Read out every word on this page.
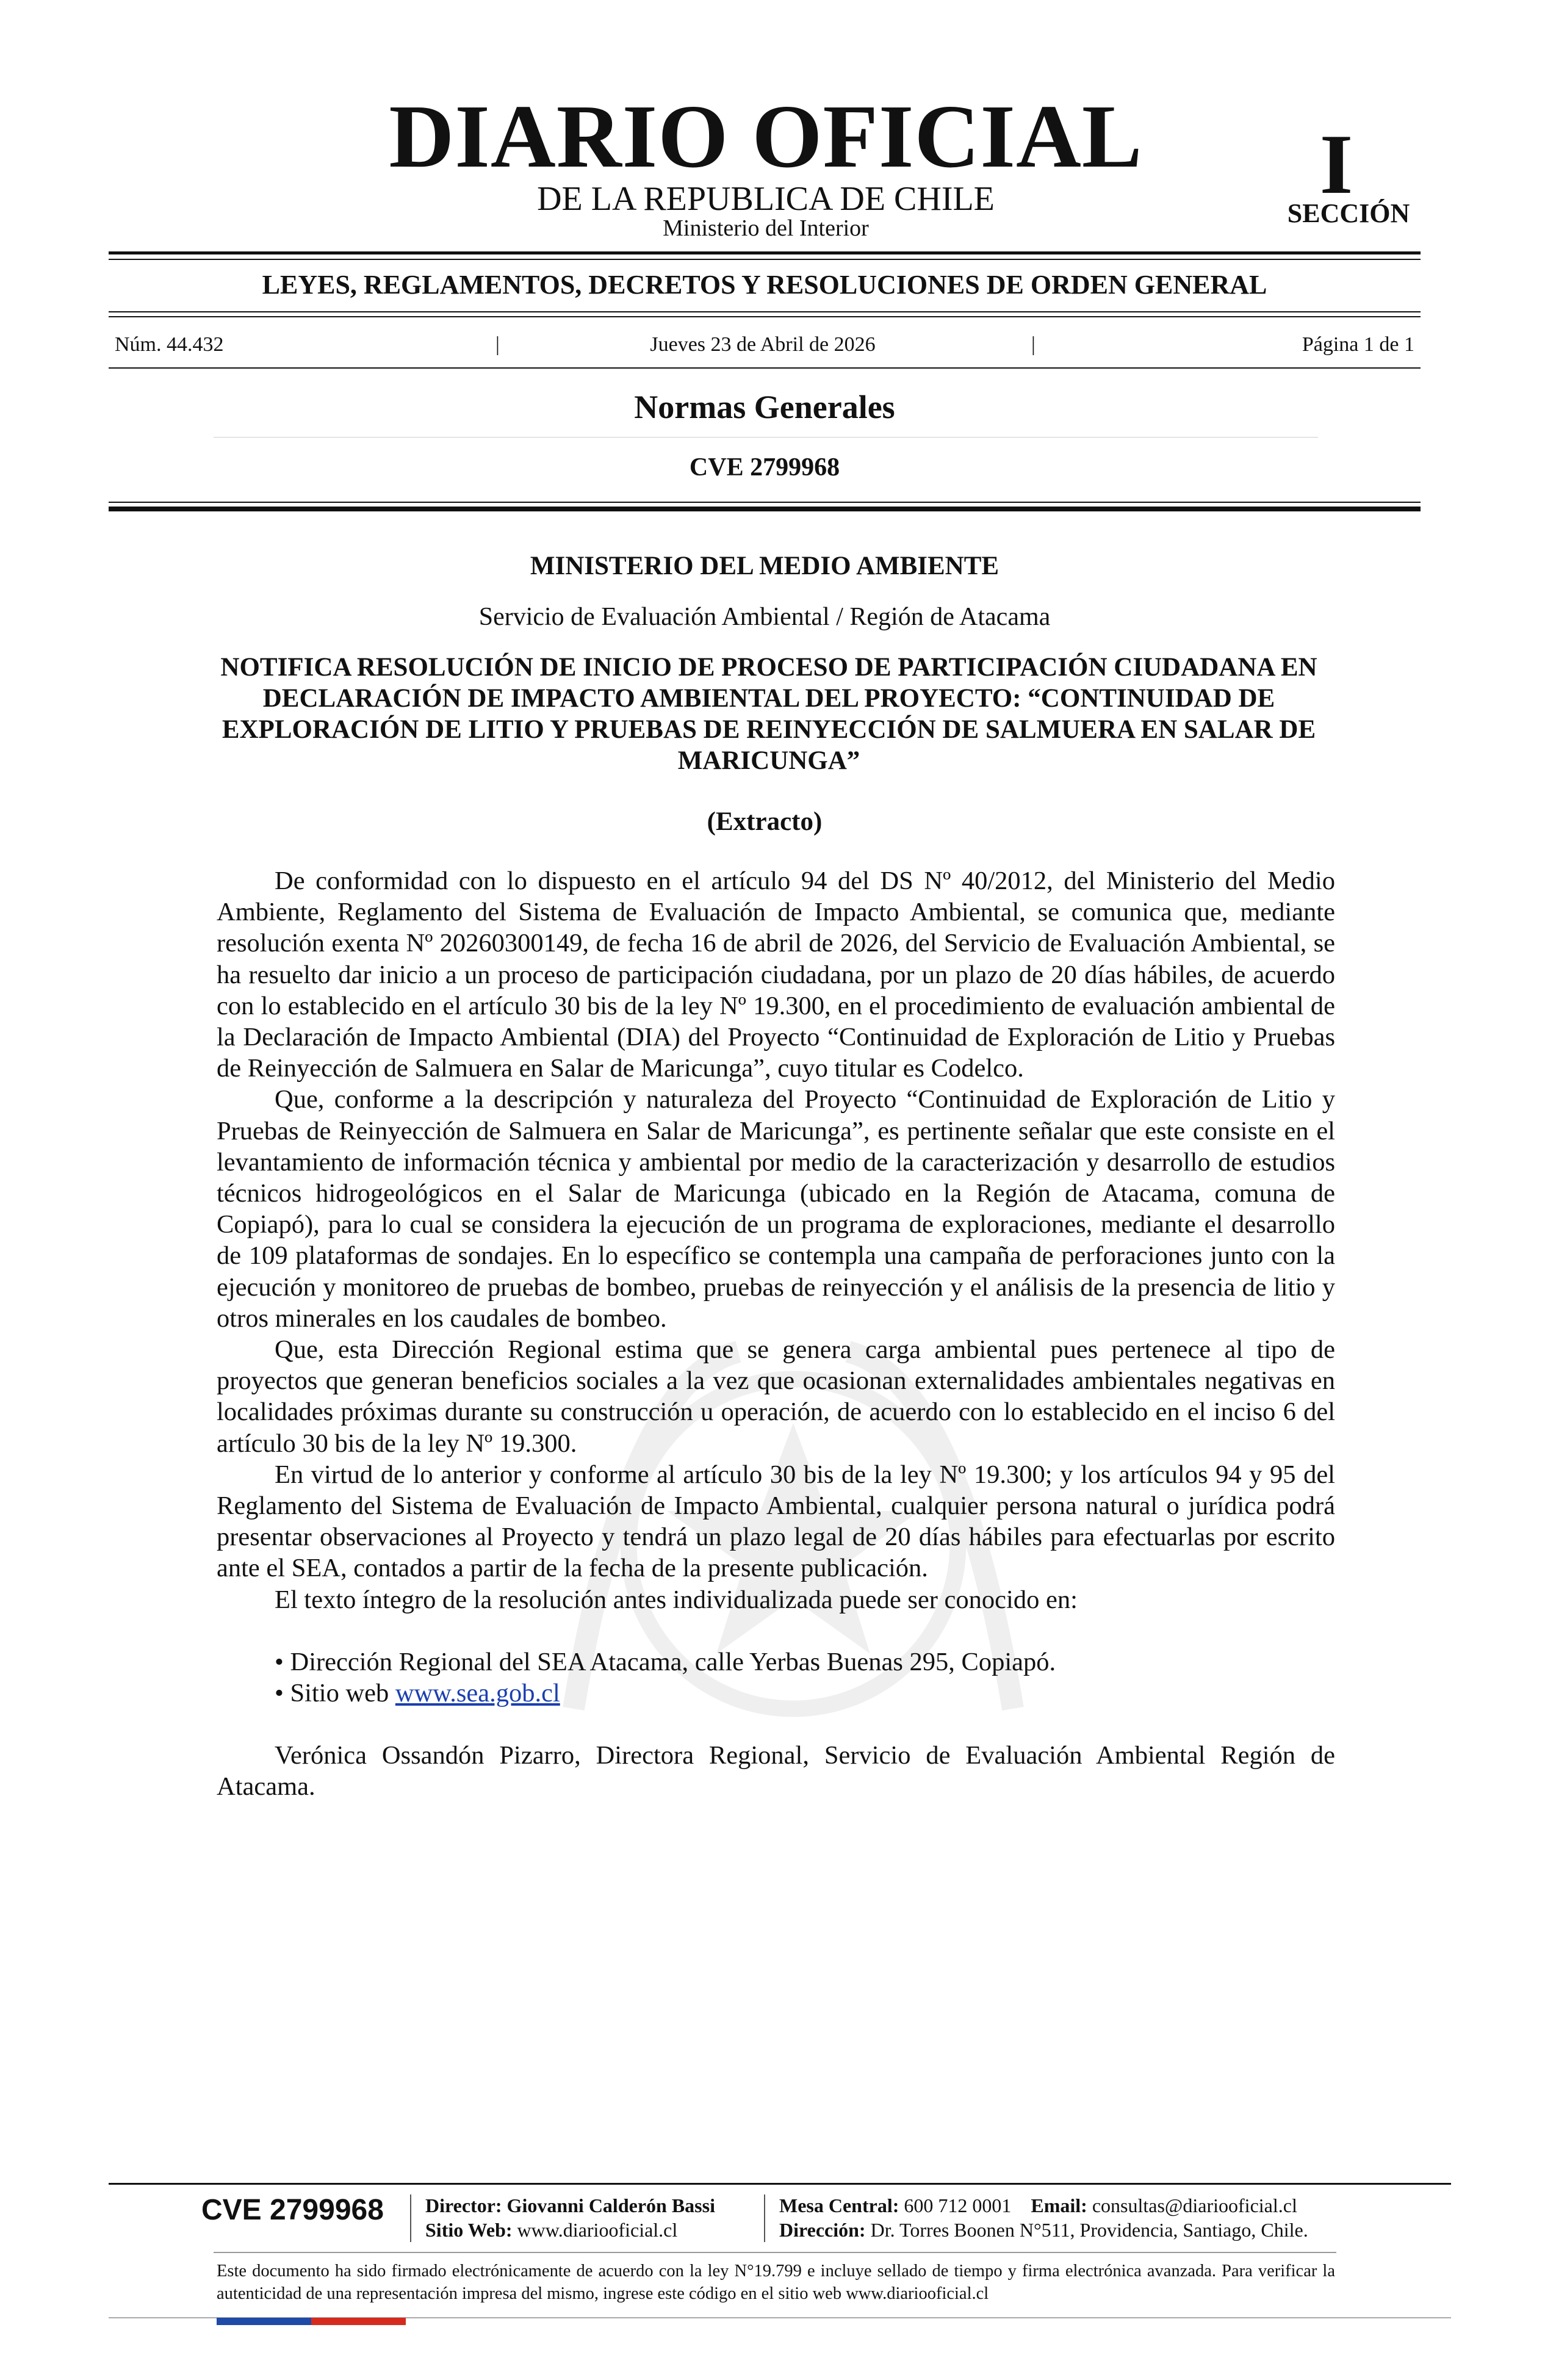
DIARIO OFICIAL
DE LA REPUBLICA DE CHILE
Ministerio del Interior
I
SECCIÓN
LEYES, REGLAMENTOS, DECRETOS Y RESOLUCIONES DE ORDEN GENERAL
Núm. 44.432	|	Jueves 23 de Abril de 2026	|	Página 1 de 1
Normas Generales
CVE 2799968
MINISTERIO DEL MEDIO AMBIENTE
Servicio de Evaluación Ambiental / Región de Atacama
NOTIFICA RESOLUCIÓN DE INICIO DE PROCESO DE PARTICIPACIÓN CIUDADANA EN DECLARACIÓN DE IMPACTO AMBIENTAL DEL PROYECTO: “CONTINUIDAD DE EXPLORACIÓN DE LITIO Y PRUEBAS DE REINYECCIÓN DE SALMUERA EN SALAR DE MARICUNGA”
(Extracto)

De conformidad con lo dispuesto en el artículo 94 del DS Nº 40/2012, del Ministerio del Medio Ambiente, Reglamento del Sistema de Evaluación de Impacto Ambiental, se comunica que, mediante resolución exenta Nº 20260300149, de fecha 16 de abril de 2026, del Servicio de Evaluación Ambiental, se ha resuelto dar inicio a un proceso de participación ciudadana, por un plazo de 20 días hábiles, de acuerdo con lo establecido en el artículo 30 bis de la ley Nº 19.300, en el procedimiento de evaluación ambiental de la Declaración de Impacto Ambiental (DIA) del Proyecto “Continuidad de Exploración de Litio y Pruebas de Reinyección de Salmuera en Salar de Maricunga”, cuyo titular es Codelco.

Que, conforme a la descripción y naturaleza del Proyecto “Continuidad de Exploración de Litio y Pruebas de Reinyección de Salmuera en Salar de Maricunga”, es pertinente señalar que este consiste en el levantamiento de información técnica y ambiental por medio de la caracterización y desarrollo de estudios técnicos hidrogeológicos en el Salar de Maricunga (ubicado en la Región de Atacama, comuna de Copiapó), para lo cual se considera la ejecución de un programa de exploraciones, mediante el desarrollo de 109 plataformas de sondajes. En lo específico se contempla una campaña de perforaciones junto con la ejecución y monitoreo de pruebas de bombeo, pruebas de reinyección y el análisis de la presencia de litio y otros minerales en los caudales de bombeo.

Que, esta Dirección Regional estima que se genera carga ambiental pues pertenece al tipo de proyectos que generan beneficios sociales a la vez que ocasionan externalidades ambientales negativas en localidades próximas durante su construcción u operación, de acuerdo con lo establecido en el inciso 6 del artículo 30 bis de la ley Nº 19.300.

En virtud de lo anterior y conforme al artículo 30 bis de la ley Nº 19.300; y los artículos 94 y 95 del Reglamento del Sistema de Evaluación de Impacto Ambiental, cualquier persona natural o jurídica podrá presentar observaciones al Proyecto y tendrá un plazo legal de 20 días hábiles para efectuarlas por escrito ante el SEA, contados a partir de la fecha de la presente publicación.

El texto íntegro de la resolución antes individualizada puede ser conocido en:

• Dirección Regional del SEA Atacama, calle Yerbas Buenas 295, Copiapó.

• Sitio web www.sea.gob.cl

Verónica Ossandón Pizarro, Directora Regional, Servicio de Evaluación Ambiental Región de Atacama.

CVE 2799968 Director: Giovanni Calderón Bassi
Sitio Web: www.diariooficial.cl
Mesa Central: 600 712 0001 Email: consultas@diariooficial.cl
Dirección: Dr. Torres Boonen N°511, Providencia, Santiago, Chile.
Este documento ha sido firmado electrónicamente de acuerdo con la ley N°19.799 e incluye sellado de tiempo y firma electrónica avanzada. Para verificar la autenticidad de una representación impresa del mismo, ingrese este código en el sitio web www.diariooficial.cl
